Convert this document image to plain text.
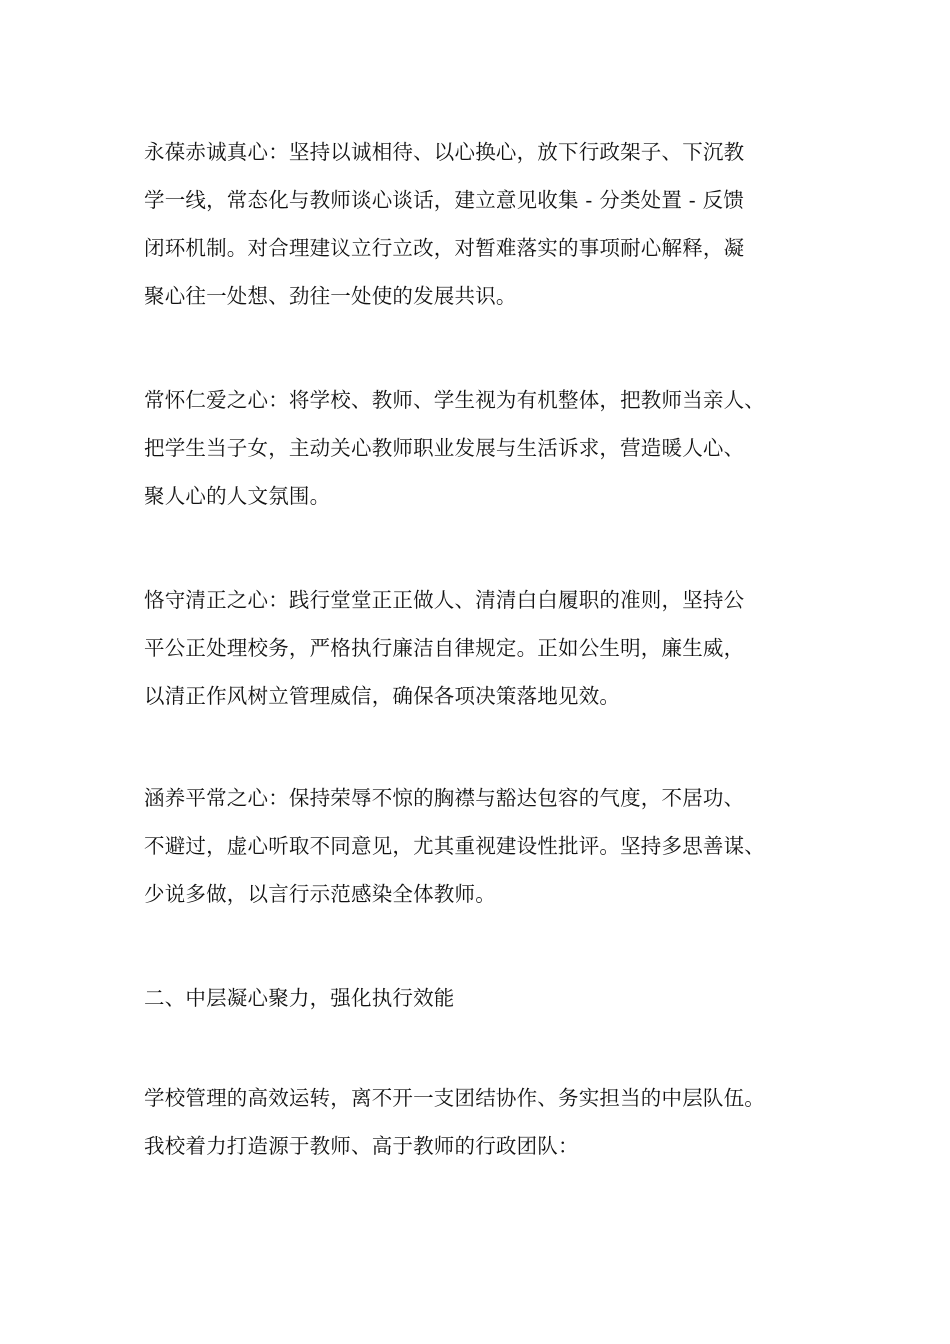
永葆赤诚真心：坚持以诚相待、以心换心，放下行政架子、下沉教
学一线，常态化与教师谈心谈话，建立意见收集 - 分类处置 - 反馈
闭环机制。对合理建议立行立改，对暂难落实的事项耐心解释，凝
聚心往一处想、劲往一处使的发展共识。
常怀仁爱之心：将学校、教师、学生视为有机整体，把教师当亲人、
把学生当子女，主动关心教师职业发展与生活诉求，营造暖人心、
聚人心的人文氛围。
恪守清正之心：践行堂堂正正做人、清清白白履职的准则，坚持公
平公正处理校务，严格执行廉洁自律规定。正如公生明，廉生威，
以清正作风树立管理威信，确保各项决策落地见效。
涵养平常之心：保持荣辱不惊的胸襟与豁达包容的气度，不居功、
不避过，虚心听取不同意见，尤其重视建设性批评。坚持多思善谋、
少说多做，以言行示范感染全体教师。
二、中层凝心聚力，强化执行效能
学校管理的高效运转，离不开一支团结协作、务实担当的中层队伍。
我校着力打造源于教师、高于教师的行政团队：
